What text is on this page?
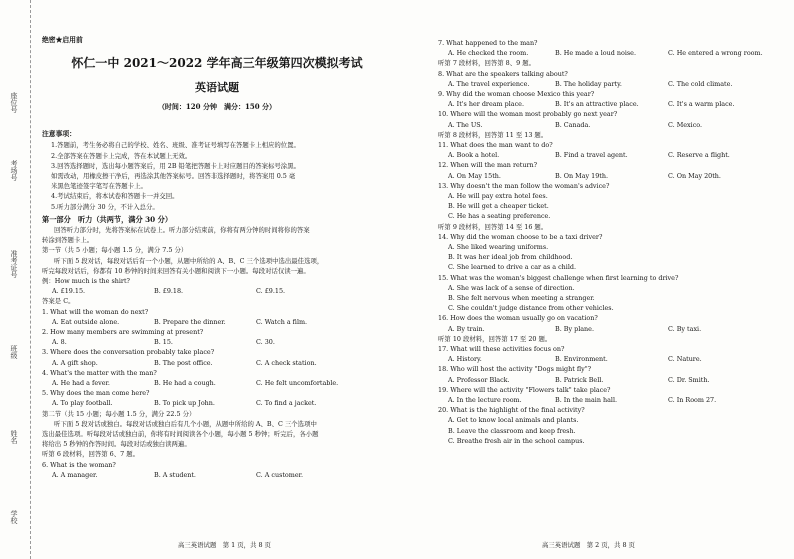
座位号
考场号
准考证号
班级
姓名
学校
绝密★启用前
怀仁一中 2021～2022 学年高三年级第四次模拟考试
英语试题
（时间：120 分钟　满分：150 分）
注意事项：
1.答题前，考生务必将自己的学校、姓名、班级、准考证号填写在答题卡上相应的位置。
2.全部答案在答题卡上完成，答在本试题上无效。
3.回答选择题时，选出每小题答案后，用 2B 铅笔把答题卡上对应题目的答案标号涂黑。
如需改动，用橡皮擦干净后，再选涂其他答案标号。回答非选择题时，将答案用 0.5 毫
米黑色笔迹签字笔写在答题卡上。
4.考试结束后，将本试卷和答题卡一并交回。
5.听力部分满分 30 分，不计入总分。
第一部分　听力（共两节，满分 30 分）
回答听力部分时，先将答案标在试卷上。听力部分结束前，你将有两分钟的时间将你的答案
转涂到答题卡上。
第一节（共 5 小题；每小题 1.5 分，满分 7.5 分）
听下面 5 段对话，每段对话后有一个小题，从题中所给的 A、B、C 三个选项中选出最佳选项，
听完每段对话后，你都有 10 秒钟的时间来回答有关小题和阅读下一小题。每段对话仅读一遍。
例：How much is the shirt?
A. £19.15.	B. £9.18.	C. £9.15.
答案是 C。
1. What will the woman do next?
A. Eat outside alone.	B. Prepare the dinner.	C. Watch a film.
2. How many members are swimming at present?
A. 8.	B. 15.	C. 30.
3. Where does the conversation probably take place?
A. A gift shop.	B. The post office.	C. A check station.
4. What's the matter with the man?
A. He had a fever.	B. He had a cough.	C. He felt uncomfortable.
5. Why does the man come here?
A. To play football.	B. To pick up John.	C. To find a jacket.
第二节（共 15 小题；每小题 1.5 分，满分 22.5 分）
听下面 5 段对话或独白。每段对话或独白后有几个小题，从题中所给的 A、B、C 三个选项中
选出最佳选项。听每段对话或独白前，你将有时间阅读各个小题，每小题 5 秒钟；听完后，各小题
将给出 5 秒钟的作答时间。每段对话或独白读两遍。
听第 6 段材料，回答第 6、7 题。
6. What is the woman?
A. A manager.	B. A student.	C. A customer.
高三英语试题　第 1 页，共 8 页
7. What happened to the man?
A. He checked the room.	B. He made a loud noise.	C. He entered a wrong room.
听第 7 段材料，回答第 8、9 题。
8. What are the speakers talking about?
A. The travel experience.	B. The holiday party.	C. The cold climate.
9. Why did the woman choose Mexico this year?
A. It's her dream place.	B. It's an attractive place.	C. It's a warm place.
10. Where will the woman most probably go next year?
A. The US.	B. Canada.	C. Mexico.
听第 8 段材料，回答第 11 至 13 题。
11. What does the man want to do?
A. Book a hotel.	B. Find a travel agent.	C. Reserve a flight.
12. When will the man return?
A. On May 15th.	B. On May 19th.	C. On May 20th.
13. Why doesn't the man follow the woman's advice?
A. He will pay extra hotel fees.
B. He will get a cheaper ticket.
C. He has a seating preference.
听第 9 段材料，回答第 14 至 16 题。
14. Why did the woman choose to be a taxi driver?
A. She liked wearing uniforms.
B. It was her ideal job from childhood.
C. She learned to drive a car as a child.
15. What was the woman's biggest challenge when first learning to drive?
A. She was lack of a sense of direction.
B. She felt nervous when meeting a stranger.
C. She couldn't judge distance from other vehicles.
16. How does the woman usually go on vacation?
A. By train.	B. By plane.	C. By taxi.
听第 10 段材料，回答第 17 至 20 题。
17. What will these activities focus on?
A. History.	B. Environment.	C. Nature.
18. Who will host the activity "Dogs might fly"?
A. Professor Black.	B. Patrick Bell.	C. Dr. Smith.
19. Where will the activity "Flowers talk" take place?
A. In the lecture room.	B. In the main hall.	C. In Room 27.
20. What is the highlight of the final activity?
A. Get to know local animals and plants.
B. Leave the classroom and keep fresh.
C. Breathe fresh air in the school campus.
高三英语试题　第 2 页，共 8 页
